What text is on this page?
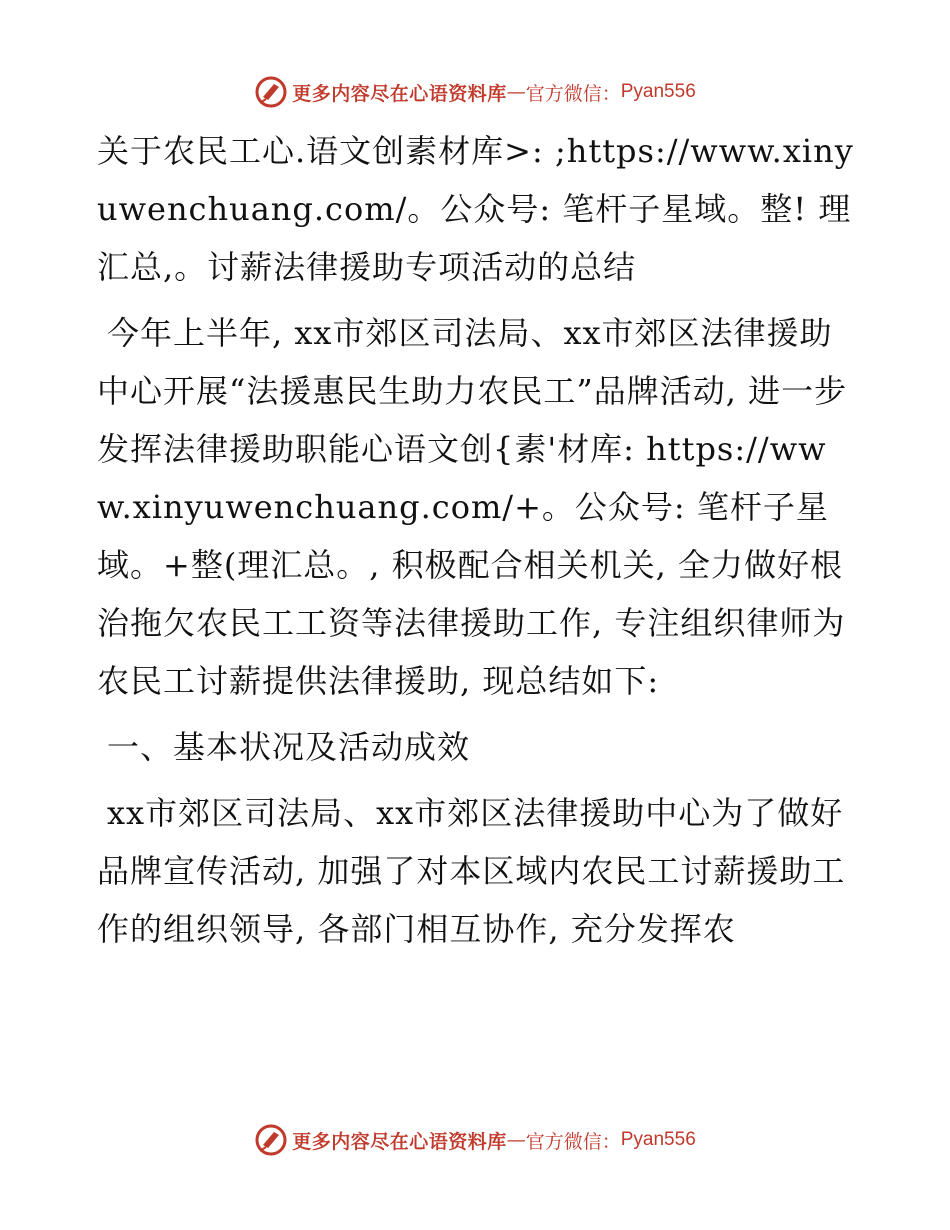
更多内容尽在心语资料库 — 官方微信： Pyan556

关于农民工心.语文创素材库>: ;https://www.xinyuwenchuang.com/。公众号: 笔杆子星域。整! 理汇总,。讨薪法律援助专项活动的总结

今年上半年, xx市郊区司法局、xx市郊区法律援助中心开展“法援惠民生助力农民工”品牌活动, 进一步发挥法律援助职能心语文创{素'材库: https://www.xinyuwenchuang.com/+。公众号: 笔杆子星域。+整(理汇总。, 积极配合相关机关, 全力做好根治拖欠农民工工资等法律援助工作, 专注组织律师为农民工讨薪提供法律援助, 现总结如下:

一、基本状况及活动成效

xx市郊区司法局、xx市郊区法律援助中心为了做好品牌宣传活动, 加强了对本区域内农民工讨薪援助工作的组织领导, 各部门相互协作, 充分发挥农

更多内容尽在心语资料库 — 官方微信： Pyan556
